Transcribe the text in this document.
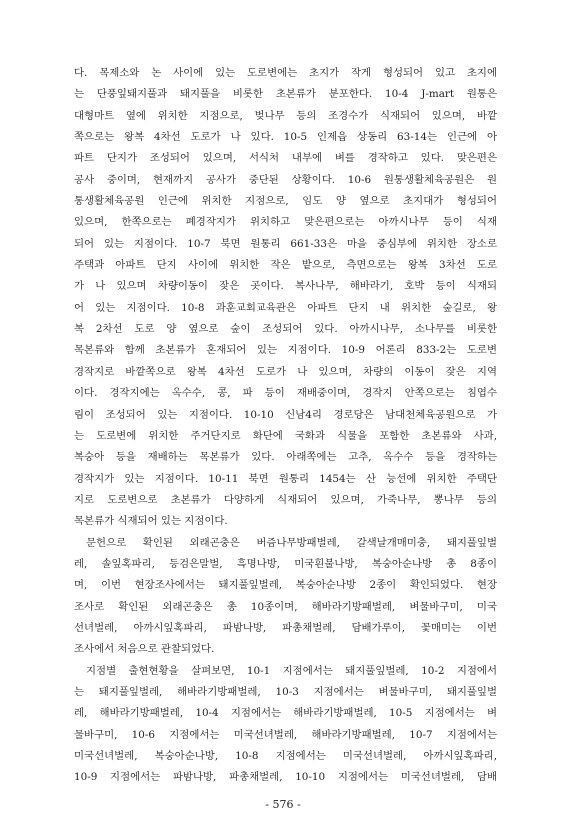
다. 목제소와 논 사이에 있는 도로변에는 초지가 작게 형성되어 있고 초지에

는 단풍잎돼지풀과 돼지풀을 비롯한 초본류가 분포한다. 10-4 J-mart 원통은

대형마트 옆에 위치한 지점으로, 벚나무 등의 조경수가 식재되어 있으며, 바깥

쪽으로는 왕복 4차선 도로가 나 있다. 10-5 인제읍 상동리 63-14는 인근에 아

파트 단지가 조성되어 있으며, 서식처 내부에 벼를 경작하고 있다. 맞은편은

공사 중이며, 현재까지 공사가 중단된 상황이다. 10-6 원통생활체육공원은 원

통생활체육공원 인근에 위치한 지점으로, 임도 양 옆으로 초지대가 형성되어

있으며, 한쪽으로는 폐경작지가 위치하고 맞은편으로는 아까시나무 등이 식재

되어 있는 지점이다. 10-7 북면 원통리 661-33은 마을 중심부에 위치한 장소로

주택과 아파트 단지 사이에 위치한 작은 밭으로, 측면으로는 왕복 3차선 도로

가 나 있으며 차량이동이 잦은 곳이다. 복사나무, 해바라기, 호박 등이 식재되

어 있는 지점이다. 10-8 과훈교회교육관은 아파트 단지 내 위치한 숲길로, 왕

복 2차선 도로 양 옆으로 숲이 조성되어 있다. 아까시나무, 소나무를 비롯한

목본류와 함께 초본류가 혼재되어 있는 지점이다. 10-9 어론리 833-2는 도로변

경작지로 바깥쪽으로 왕복 4차선 도로가 나 있으며, 차량의 이동이 잦은 지역

이다. 경작지에는 옥수수, 콩, 파 등이 재배중이며, 경작지 안쪽으로는 침엽수

림이 조성되어 있는 지점이다. 10-10 신남4리 경로당은 남대천체육공원으로 가

는 도로변에 위치한 주거단지로 화단에 국화과 식물을 포함한 초본류와 사과,

복숭아 등을 재배하는 목본류가 있다. 아래쪽에는 고추, 옥수수 등을 경작하는

경작지가 있는 지점이다. 10-11 북면 원통리 1454는 산 능선에 위치한 주택단

지로 도로변으로 초본류가 다양하게 식재되어 있으며, 가죽나무, 뽕나무 등의

목본류가 식재되어 있는 지점이다.

문헌으로 확인된 외래곤충은 버즘나무방패벌레, 갈색날개매미충, 돼지풀잎벌

레, 솔잎혹파리, 등검은말벌, 흑명나방, 미국흰불나방, 복숭아순나방 총 8종이

며, 이번 현장조사에서는 돼지풀잎벌레, 복숭아순나방 2종이 확인되었다. 현장

조사로 확인된 외래곤충은 총 10종이며, 해바라기방패벌레, 벼물바구미, 미국

선녀벌레, 아까시잎혹파리, 파밤나방, 파총채벌레, 담배가루이, 꽃매미는 이번

조사에서 처음으로 관찰되었다.

지점별 출현현황을 살펴보면, 10-1 지점에서는 돼지풀잎벌레, 10-2 지점에서

는 돼지풀잎벌레, 해바라기방패벌레, 10-3 지점에서는 벼물바구미, 돼지풀잎벌

레, 해바라기방패벌레, 10-4 지점에서는 해바라기방패벌레, 10-5 지점에서는 벼

물바구미, 10-6 지점에서는 미국선녀벌레, 해바라기방패벌레, 10-7 지점에서는

미국선녀벌레, 복숭아순나방, 10-8 지점에서는 미국선녀벌레, 아까시잎혹파리,

10-9 지점에서는 파밤나방, 파총채벌레, 10-10 지점에서는 미국선녀벌레, 담배

- 576 -
